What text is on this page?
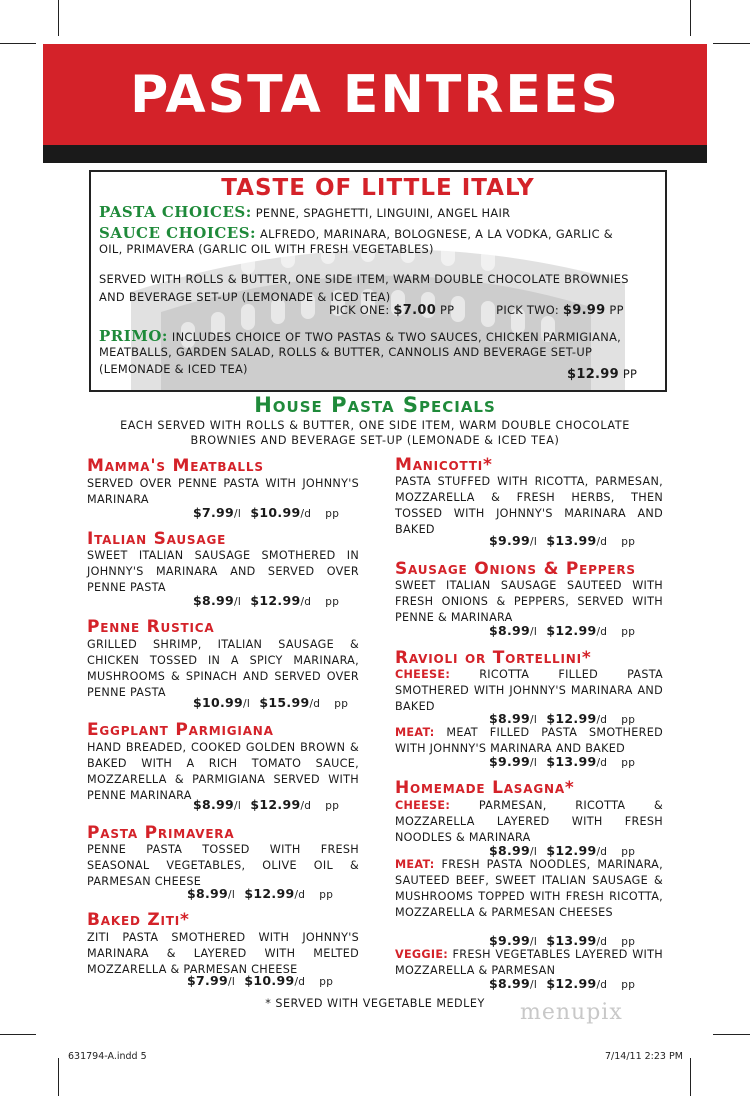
PASTA ENTREES
TASTE OF LITTLE ITALY
PASTA CHOICES: PENNE, SPAGHETTI, LINGUINI, ANGEL HAIR
SAUCE CHOICES: ALFREDO, MARINARA, BOLOGNESE, A LA VODKA, GARLIC &
OIL, PRIMAVERA (GARLIC OIL WITH FRESH VEGETABLES)
SERVED WITH ROLLS & BUTTER, ONE SIDE ITEM, WARM DOUBLE CHOCOLATE BROWNIES
AND BEVERAGE SET-UP (LEMONADE & ICED TEA)
PICK ONE: $7.00 PP	PICK TWO: $9.99 PP
PRIMO: INCLUDES CHOICE OF TWO PASTAS & TWO SAUCES, CHICKEN PARMIGIANA,
MEATBALLS, GARDEN SALAD, ROLLS & BUTTER, CANNOLIS AND BEVERAGE SET-UP
(LEMONADE & ICED TEA)	$12.99 PP
House Pasta Specials
EACH SERVED WITH ROLLS & BUTTER, ONE SIDE ITEM, WARM DOUBLE CHOCOLATE
BROWNIES AND BEVERAGE SET-UP (LEMONADE & ICED TEA)
Mamma's Meatballs
SERVED OVER PENNE PASTA WITH JOHNNY'S MARINARA
$7.99/l $10.99/d pp
Italian Sausage
SWEET ITALIAN SAUSAGE SMOTHERED IN JOHNNY'S MARINARA AND SERVED OVER PENNE PASTA
$8.99/l $12.99/d pp
Penne Rustica
GRILLED SHRIMP, ITALIAN SAUSAGE & CHICKEN TOSSED IN A SPICY MARINARA, MUSHROOMS & SPINACH AND SERVED OVER PENNE PASTA
$10.99/l $15.99/d pp
Eggplant Parmigiana
HAND BREADED, COOKED GOLDEN BROWN & BAKED WITH A RICH TOMATO SAUCE, MOZZARELLA & PARMIGIANA SERVED WITH PENNE MARINARA
$8.99/l $12.99/d pp
Pasta Primavera
PENNE PASTA TOSSED WITH FRESH SEASONAL VEGETABLES, OLIVE OIL & PARMESAN CHEESE
$8.99/l $12.99/d pp
Baked Ziti*
ZITI PASTA SMOTHERED WITH JOHNNY'S MARINARA & LAYERED WITH MELTED MOZZARELLA & PARMESAN CHEESE
$7.99/l $10.99/d pp
Manicotti*
PASTA STUFFED WITH RICOTTA, PARMESAN, MOZZARELLA & FRESH HERBS, THEN TOSSED WITH JOHNNY'S MARINARA AND BAKED
$9.99/l $13.99/d pp
Sausage Onions & Peppers
SWEET ITALIAN SAUSAGE SAUTEED WITH FRESH ONIONS & PEPPERS, SERVED WITH PENNE & MARINARA
$8.99/l $12.99/d pp
Ravioli or Tortellini*
CHEESE:	RICOTTA FILLED PASTA SMOTHERED WITH JOHNNY'S MARINARA AND BAKED
$8.99/l $12.99/d pp
MEAT: MEAT FILLED PASTA SMOTHERED WITH JOHNNY'S MARINARA AND BAKED
$9.99/l $13.99/d pp
Homemade Lasagna*
CHEESE:	PARMESAN, RICOTTA & MOZZARELLA LAYERED WITH FRESH NOODLES & MARINARA
$8.99/l $12.99/d pp
MEAT: FRESH PASTA NOODLES, MARINARA, SAUTEED BEEF, SWEET ITALIAN SAUSAGE & MUSHROOMS TOPPED WITH FRESH RICOTTA, MOZZARELLA & PARMESAN CHEESES
$9.99/l $13.99/d pp
VEGGIE: FRESH VEGETABLES LAYERED WITH MOZZARELLA & PARMESAN
$8.99/l $12.99/d pp
* SERVED WITH VEGETABLE MEDLEY	menupix
631794-A.indd 5	7/14/11 2:23 PM
